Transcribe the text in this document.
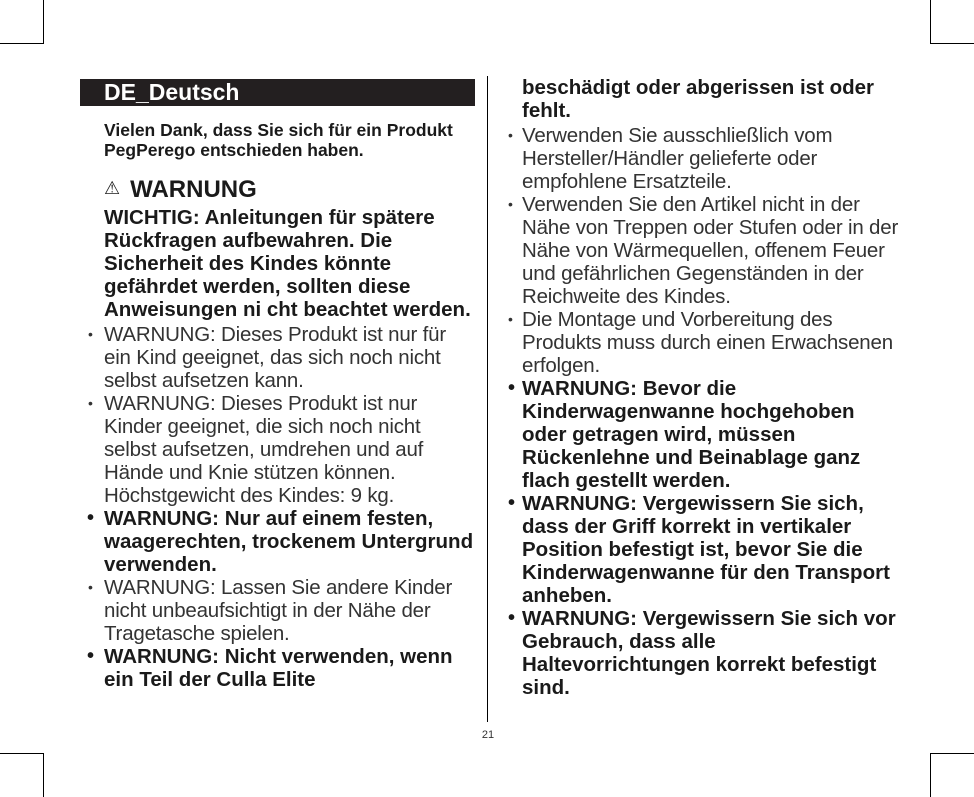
DE_Deutsch
Vielen Dank, dass Sie sich für ein Produkt PegPerego entschieden haben.
⚠ WARNUNG
WICHTIG: Anleitungen für spätere Rückfragen aufbewahren. Die Sicherheit des Kindes könnte gefährdet werden, sollten diese Anweisungen ni cht beachtet werden.
• WARNUNG: Dieses Produkt ist nur für ein Kind geeignet, das sich noch nicht selbst aufsetzen kann.
• WARNUNG: Dieses Produkt ist nur Kinder geeignet, die sich noch nicht selbst aufsetzen, umdrehen und auf Hände und Knie stützen können. Höchstgewicht des Kindes: 9 kg.
• WARNUNG: Nur auf einem festen, waagerechten, trockenem Untergrund verwenden.
• WARNUNG: Lassen Sie andere Kinder nicht unbeaufsichtigt in der Nähe der Tragetasche spielen.
• WARNUNG: Nicht verwenden, wenn ein Teil der Culla Elite
beschädigt oder abgerissen ist oder fehlt.
• Verwenden Sie ausschließlich vom Hersteller/Händler gelieferte oder empfohlene Ersatzteile.
• Verwenden Sie den Artikel nicht in der Nähe von Treppen oder Stufen oder in der Nähe von Wärmequellen, offenem Feuer und gefährlichen Gegenständen in der Reichweite des Kindes.
• Die Montage und Vorbereitung des Produkts muss durch einen Erwachsenen erfolgen.
• WARNUNG: Bevor die Kinderwagenwanne hochgehoben oder getragen wird, müssen Rückenlehne und Beinablage ganz flach gestellt werden.
• WARNUNG: Vergewissern Sie sich, dass der Griff korrekt in vertikaler Position befestigt ist, bevor Sie die Kinderwagenwanne für den Transport anheben.
• WARNUNG: Vergewissern Sie sich vor Gebrauch, dass alle Haltevorrichtungen korrekt befestigt sind.
21
